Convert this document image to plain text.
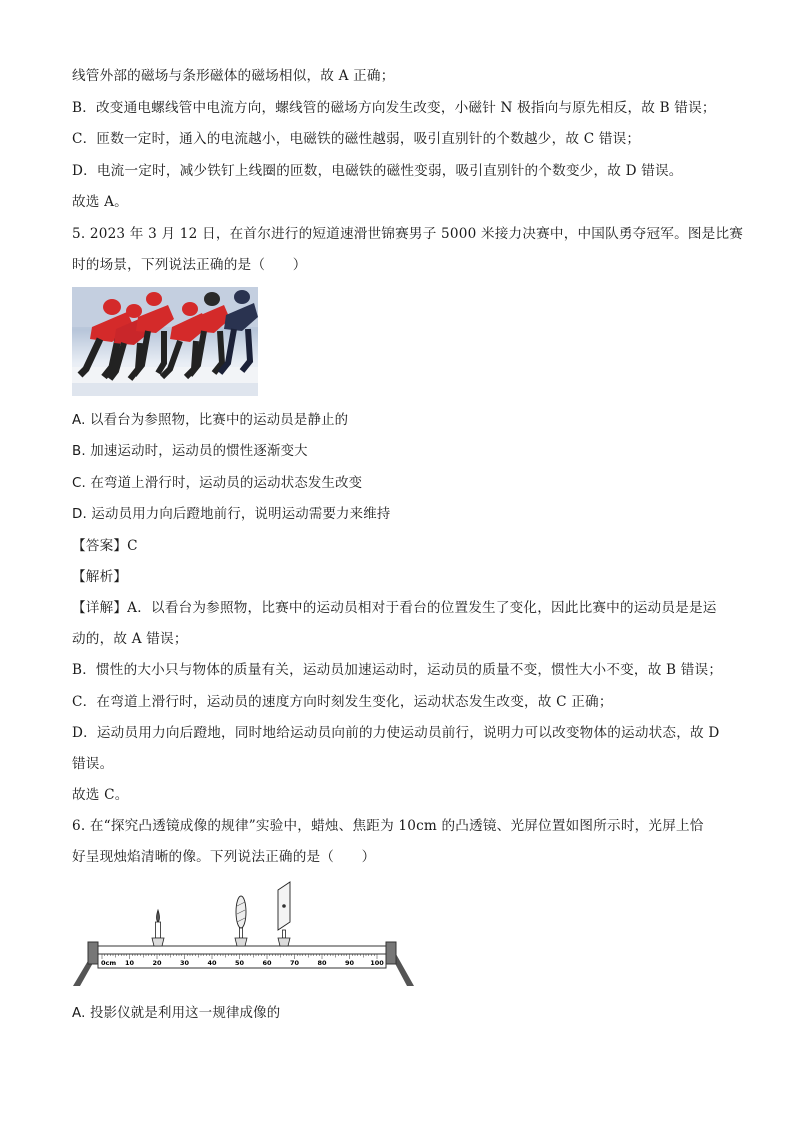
线管外部的磁场与条形磁体的磁场相似，故 A 正确；
B．改变通电螺线管中电流方向，螺线管的磁场方向发生改变，小磁针 N 极指向与原先相反，故 B 错误；
C．匝数一定时，通入的电流越小，电磁铁的磁性越弱，吸引直别针的个数越少，故 C 错误；
D．电流一定时，减少铁钉上线圈的匝数，电磁铁的磁性变弱，吸引直别针的个数变少，故 D 错误。
故选 A。
5. 2023 年 3 月 12 日，在首尔进行的短道速滑世锦赛男子 5000 米接力决赛中，中国队勇夺冠军。图是比赛
时的场景，下列说法正确的是（　　）
A. 以看台为参照物，比赛中的运动员是静止的
B. 加速运动时，运动员的惯性逐渐变大
C. 在弯道上滑行时，运动员的运动状态发生改变
D. 运动员用力向后蹬地前行，说明运动需要力来维持
【答案】C
【解析】
【详解】A．以看台为参照物，比赛中的运动员相对于看台的位置发生了变化，因此比赛中的运动员是是运
动的，故 A 错误；
B．惯性的大小只与物体的质量有关，运动员加速运动时，运动员的质量不变，惯性大小不变，故 B 错误；
C．在弯道上滑行时，运动员的速度方向时刻发生变化，运动状态发生改变，故 C 正确；
D．运动员用力向后蹬地，同时地给运动员向前的力使运动员前行，说明力可以改变物体的运动状态，故 D
错误。
故选 C。
6. 在“探究凸透镜成像的规律”实验中，蜡烛、焦距为 10cm 的凸透镜、光屏位置如图所示时，光屏上恰
好呈现烛焰清晰的像。下列说法正确的是（　　）
0cm 10	20	30	40	50	60	70	80	90 100
A. 投影仪就是利用这一规律成像的
